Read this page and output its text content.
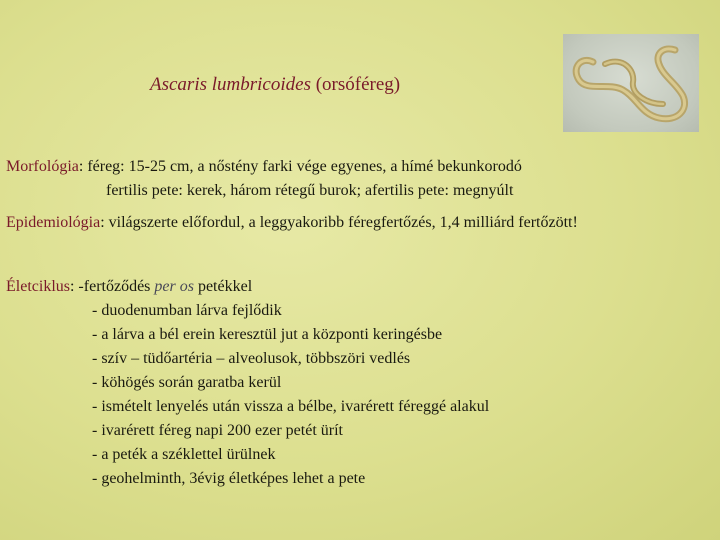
Ascaris lumbricoides (orsóféreg)
Morfológia: féreg: 15-25 cm, a nőstény farki vége egyenes, a hímé bekunkorodó
fertilis pete: kerek, három rétegű burok; afertilis pete: megnyúlt
Epidemiológia: világszerte előfordul, a leggyakoribb féregfertőzés, 1,4 milliárd fertőzött!
Életciklus: -fertőződés per os petékkel
- duodenumban lárva fejlődik
- a lárva a bél erein keresztül jut a központi keringésbe
- szív – tüdőartéria – alveolusok, többszöri vedlés
- köhögés során garatba kerül
- ismételt lenyelés után vissza a bélbe, ivarérett féreggé alakul
- ivarérett féreg napi 200 ezer petét ürít
- a peték a széklettel ürülnek
- geohelminth, 3évig életképes lehet a pete
